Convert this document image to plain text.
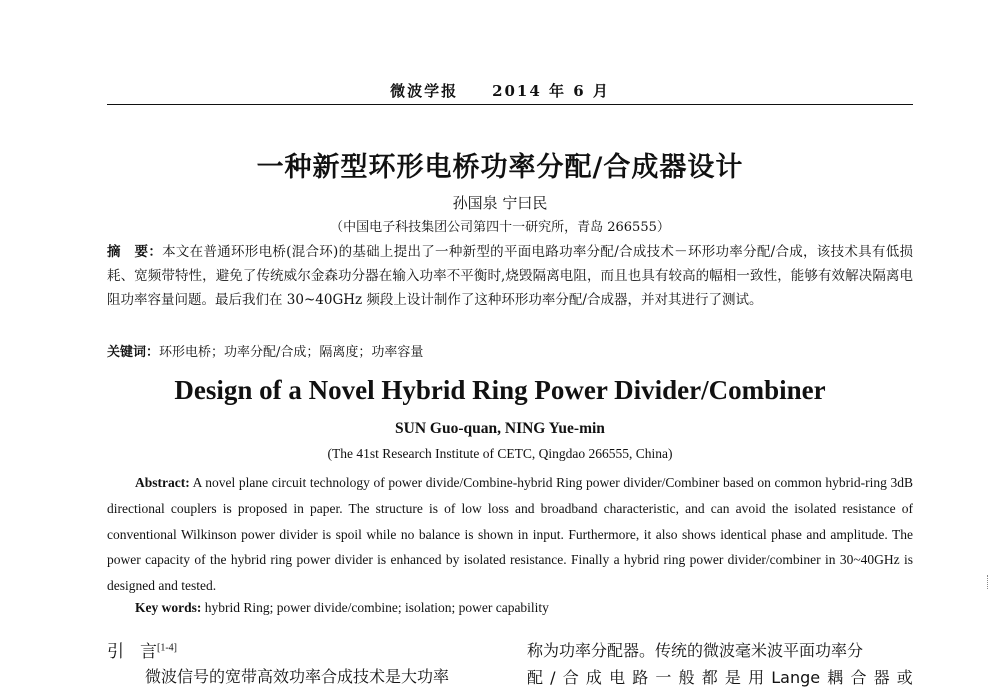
微波学报　　2014 年 6 月
一种新型环形电桥功率分配/合成器设计
孙国泉 宁曰民
（中国电子科技集团公司第四十一研究所，青岛 266555）
摘　要：本文在普通环形电桥(混合环)的基础上提出了一种新型的平面电路功率分配/合成技术－环形功率分配/合成，该技术具有低损耗、宽频带特性，避免了传统威尔金森功分器在输入功率不平衡时,烧毁隔离电阻，而且也具有较高的幅相一致性，能够有效解决隔离电阻功率容量问题。最后我们在 30~40GHz 频段上设计制作了这种环形功率分配/合成器，并对其进行了测试。
关键词：环形电桥；功率分配/合成；隔离度；功率容量
Design of a Novel Hybrid Ring Power Divider/Combiner
SUN Guo-quan, NING Yue-min
(The 41st Research Institute of CETC, Qingdao 266555, China)
Abstract: A novel plane circuit technology of power divide/Combine-hybrid Ring power divider/Combiner based on common hybrid-ring 3dB directional couplers is proposed in paper. The structure is of low loss and broadband characteristic, and can avoid the isolated resistance of conventional Wilkinson power divider is spoil while no balance is shown in input. Furthermore, it also shows identical phase and amplitude. The power capacity of the hybrid ring power divider is enhanced by isolated resistance. Finally a hybrid ring power divider/combiner in 30~40GHz is designed and tested.
Key words: hybrid Ring; power divide/combine; isolation; power capability
引 言[1-4]
微波信号的宽带高效功率合成技术是大功率
称为功率分配器。传统的微波毫米波平面功率分
配 / 合 成 电 路 一 般 都 是 用 Lange 耦 合 器 或
